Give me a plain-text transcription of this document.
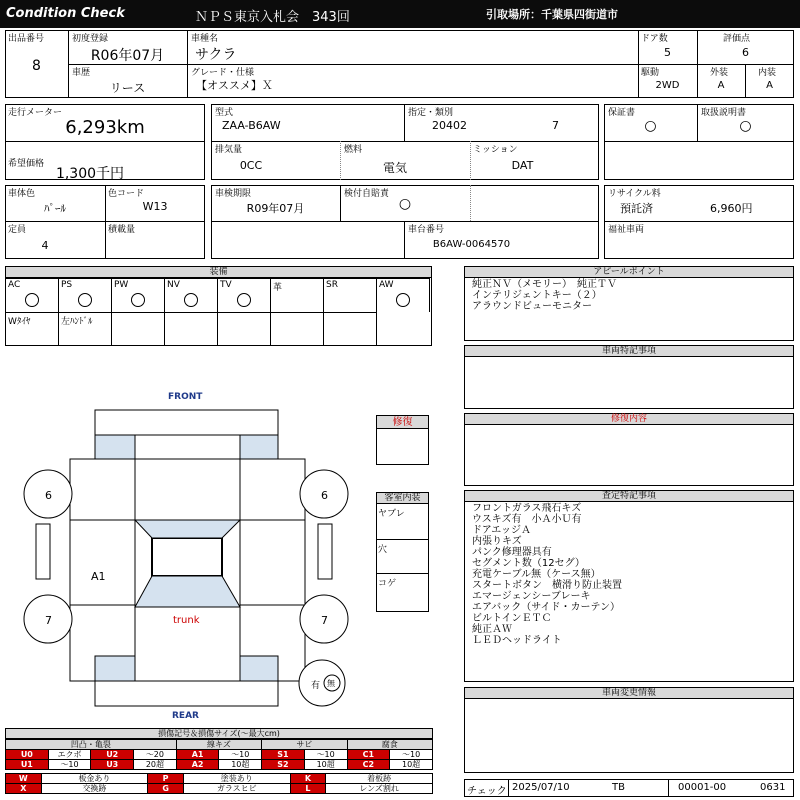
Condition Check	ＮＰＳ東京入札会　343回	引取場所：千葉県四街道市
出品番号
8
初度登録
R06年07月
車種名
サクラ
ドア数
5
評価点
6
車歴
リース
グレード・仕様
【オススメ】Ｘ
駆動
2WD
外装
A
内装
A
走行メーター
6,293km
希望価格
1,300千円
型式
ZAA-B6AW
指定・類別
20402	7
排気量
0CC
燃料
電気
ミッション
DAT
保証書
○
取扱説明書
○
車体色
ﾊﾟｰﾙ
色コード
W13
定員
4
積載量
車検期限
R09年07月
検付自賠責
○
車台番号
B6AW-0064570
リサイクル料
預託済	6,960円
福祉車両
装備
AC	PS	PW	NV	TV	革	SR	AW
Wﾀｲﾔ	左ﾊﾝﾄﾞﾙ
アピールポイント
純正ＮＶ（メモリー）　純正ＴＶ
インテリジェントキー（２）
アラウンドビューモニター
車両特記事項
修復内容
査定特記事項
フロントガラス飛石キズ
ウスキズ有　小Ａ小Ｕ有
ドアエッジＡ
内張りキズ
パンク修理器具有
セグメント数（12セグ）
充電ケーブル無（ケース無）
スタートボタン　横滑り防止装置
エマージェンシーブレーキ
エアバック（サイド・カーテン）
ビルトインＥＴＣ
純正ＡＷ
ＬＥＤヘッドライト
車両変更情報
チェック 2025/07/10	TB	00001-00	0631
修復
客室内装
ヤブレ
穴
コゲ
FRONT
REAR
trunk
A1
6	6
7	7
有 無
損傷記号＆損傷サイズ(〜最大cm)
凹凸・亀裂				線キズ		サビ		腐食	
U0	エクボ	U2	〜20	A1	〜10	S1	〜10	C1	〜10
U1	〜10	U3	20超	A2	10超	S2	10超	C2	10超
W	板金あり	P	塗装あり	K	着板跡
X	交換跡	G	ガラスヒビ	L	レンズ割れ
